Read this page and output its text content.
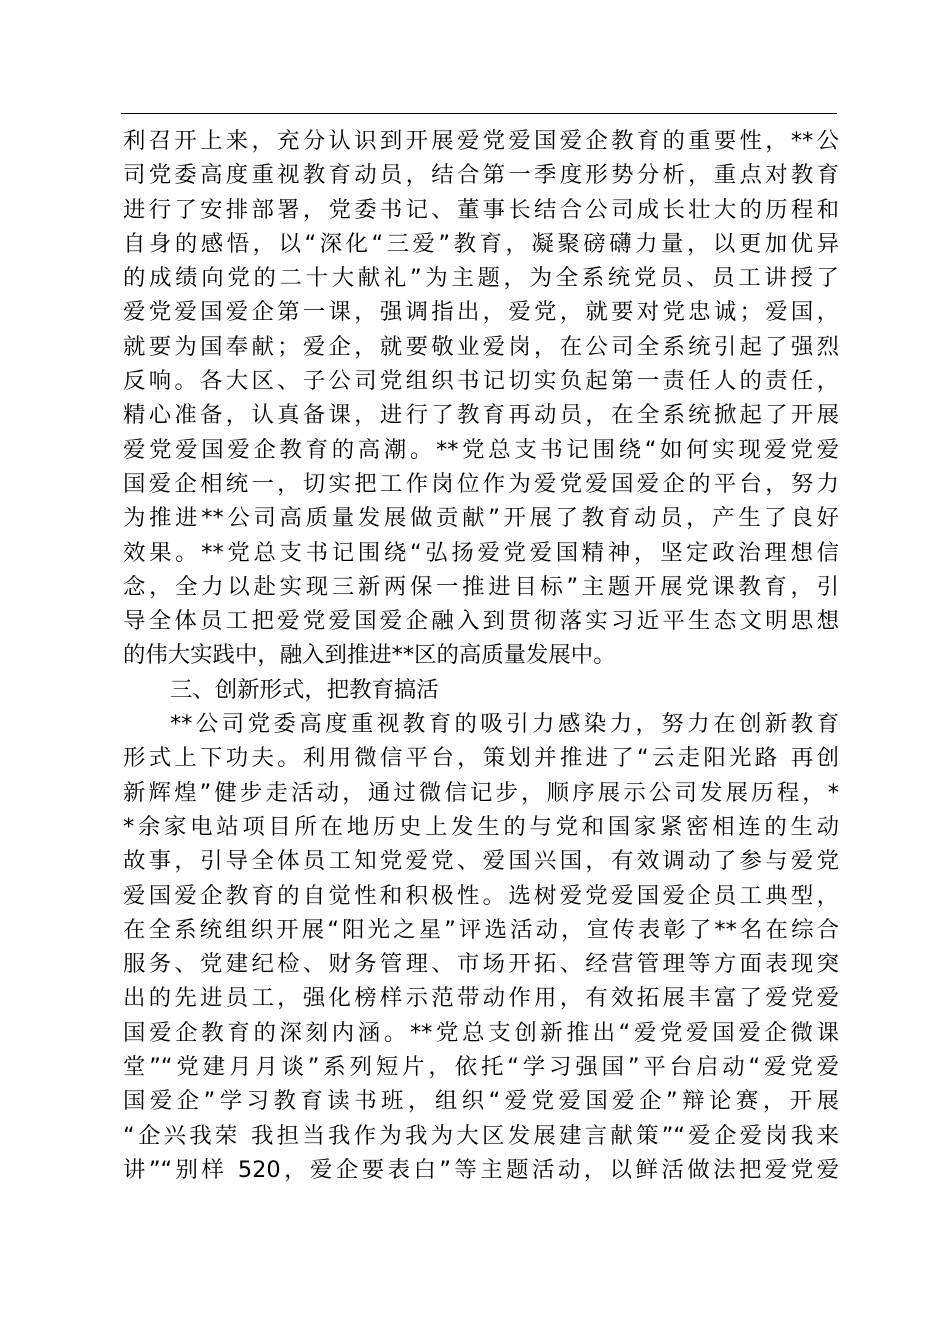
利召开上来，充分认识到开展爱党爱国爱企教育的重要性，**公
司党委高度重视教育动员，结合第一季度形势分析，重点对教育
进行了安排部署，党委书记、董事长结合公司成长壮大的历程和
自身的感悟，以“深化“三爱”教育，凝聚磅礴力量，以更加优异
的成绩向党的二十大献礼”为主题，为全系统党员、员工讲授了
爱党爱国爱企第一课，强调指出，爱党，就要对党忠诚；爱国，
就要为国奉献；爱企，就要敬业爱岗，在公司全系统引起了强烈
反响。各大区、子公司党组织书记切实负起第一责任人的责任，
精心准备，认真备课，进行了教育再动员，在全系统掀起了开展
爱党爱国爱企教育的高潮。**党总支书记围绕“如何实现爱党爱
国爱企相统一，切实把工作岗位作为爱党爱国爱企的平台，努力
为推进**公司高质量发展做贡献”开展了教育动员，产生了良好
效果。**党总支书记围绕“弘扬爱党爱国精神，坚定政治理想信
念，全力以赴实现三新两保一推进目标”主题开展党课教育，引
导全体员工把爱党爱国爱企融入到贯彻落实习近平生态文明思想
的伟大实践中，融入到推进**区的高质量发展中。
三、创新形式，把教育搞活
**公司党委高度重视教育的吸引力感染力，努力在创新教育
形式上下功夫。利用微信平台，策划并推进了“云走阳光路 再创
新辉煌”健步走活动，通过微信记步，顺序展示公司发展历程，*
*余家电站项目所在地历史上发生的与党和国家紧密相连的生动
故事，引导全体员工知党爱党、爱国兴国，有效调动了参与爱党
爱国爱企教育的自觉性和积极性。选树爱党爱国爱企员工典型，
在全系统组织开展“阳光之星”评选活动，宣传表彰了**名在综合
服务、党建纪检、财务管理、市场开拓、经营管理等方面表现突
出的先进员工，强化榜样示范带动作用，有效拓展丰富了爱党爱
国爱企教育的深刻内涵。**党总支创新推出“爱党爱国爱企微课
堂”“党建月月谈”系列短片，依托“学习强国”平台启动“爱党爱
国爱企”学习教育读书班，组织“爱党爱国爱企”辩论赛，开展
“企兴我荣 我担当我作为我为大区发展建言献策”“爱企爱岗我来
讲”“别样 520，爱企要表白”等主题活动，以鲜活做法把爱党爱
